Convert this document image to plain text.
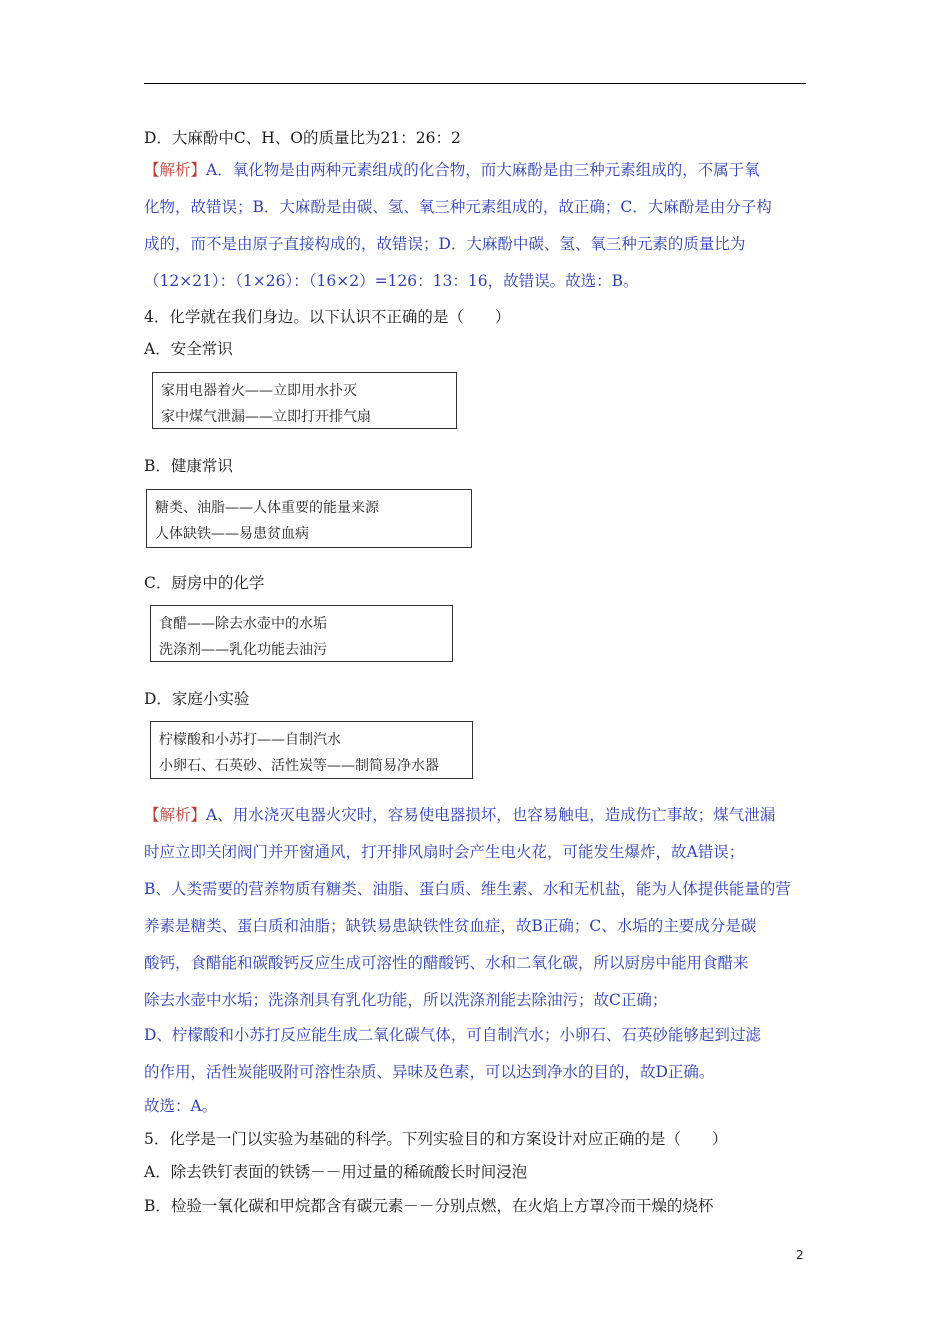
D．大麻酚中C、H、O的质量比为21：26：2
【解析】A．氧化物是由两种元素组成的化合物，而大麻酚是由三种元素组成的，不属于氧
化物，故错误；B．大麻酚是由碳、氢、氧三种元素组成的，故正确；C．大麻酚是由分子构
成的，而不是由原子直接构成的，故错误；D．大麻酚中碳、氢、氧三种元素的质量比为
（12×21）：（1×26）：（16×2）=126：13：16，故错误。故选：B。
4．化学就在我们身边。以下认识不正确的是（　　）
A．安全常识
家用电器着火——立即用水扑灭
家中煤气泄漏——立即打开排气扇
B．健康常识
糖类、油脂——人体重要的能量来源
人体缺铁——易患贫血病
C．厨房中的化学
食醋——除去水壶中的水垢
洗涤剂——乳化功能去油污
D．家庭小实验
柠檬酸和小苏打——自制汽水
小卵石、石英砂、活性炭等——制简易净水器
【解析】A、用水浇灭电器火灾时，容易使电器损坏，也容易触电，造成伤亡事故；煤气泄漏
时应立即关闭阀门并开窗通风，打开排风扇时会产生电火花，可能发生爆炸，故A错误；
B、人类需要的营养物质有糖类、油脂、蛋白质、维生素、水和无机盐，能为人体提供能量的营
养素是糖类、蛋白质和油脂；缺铁易患缺铁性贫血症，故B正确；C、水垢的主要成分是碳
酸钙，食醋能和碳酸钙反应生成可溶性的醋酸钙、水和二氧化碳，所以厨房中能用食醋来
除去水壶中水垢；洗涤剂具有乳化功能，所以洗涤剂能去除油污；故C正确；
D、柠檬酸和小苏打反应能生成二氧化碳气体，可自制汽水；小卵石、石英砂能够起到过滤
的作用，活性炭能吸附可溶性杂质、异味及色素，可以达到净水的目的，故D正确。
故选：A。
5．化学是一门以实验为基础的科学。下列实验目的和方案设计对应正确的是（　　）
A．除去铁钉表面的铁锈－－用过量的稀硫酸长时间浸泡
B．检验一氧化碳和甲烷都含有碳元素－－分别点燃，在火焰上方罩冷而干燥的烧杯
2
